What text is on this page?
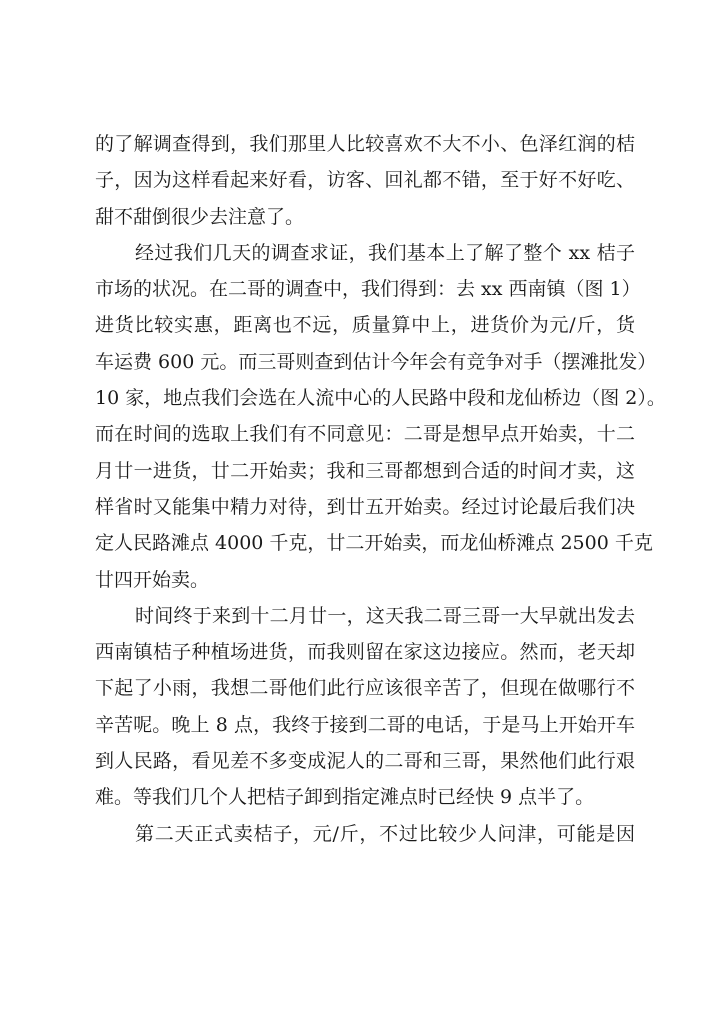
的了解调查得到，我们那里人比较喜欢不大不小、色泽红润的桔
子，因为这样看起来好看，访客、回礼都不错，至于好不好吃、
甜不甜倒很少去注意了。
经过我们几天的调查求证，我们基本上了解了整个 xx 桔子
市场的状况。在二哥的调查中，我们得到：去 xx 西南镇（图 1）
进货比较实惠，距离也不远，质量算中上，进货价为元/斤，货
车运费 600 元。而三哥则查到估计今年会有竞争对手（摆滩批发）
10 家，地点我们会选在人流中心的人民路中段和龙仙桥边（图 2）。
而在时间的选取上我们有不同意见：二哥是想早点开始卖，十二
月廿一进货，廿二开始卖；我和三哥都想到合适的时间才卖，这
样省时又能集中精力对待，到廿五开始卖。经过讨论最后我们决
定人民路滩点 4000 千克，廿二开始卖，而龙仙桥滩点 2500 千克
廿四开始卖。
时间终于来到十二月廿一，这天我二哥三哥一大早就出发去
西南镇桔子种植场进货，而我则留在家这边接应。然而，老天却
下起了小雨，我想二哥他们此行应该很辛苦了，但现在做哪行不
辛苦呢。晚上 8 点，我终于接到二哥的电话，于是马上开始开车
到人民路，看见差不多变成泥人的二哥和三哥，果然他们此行艰
难。等我们几个人把桔子卸到指定滩点时已经快 9 点半了。
第二天正式卖桔子，元/斤，不过比较少人问津，可能是因
